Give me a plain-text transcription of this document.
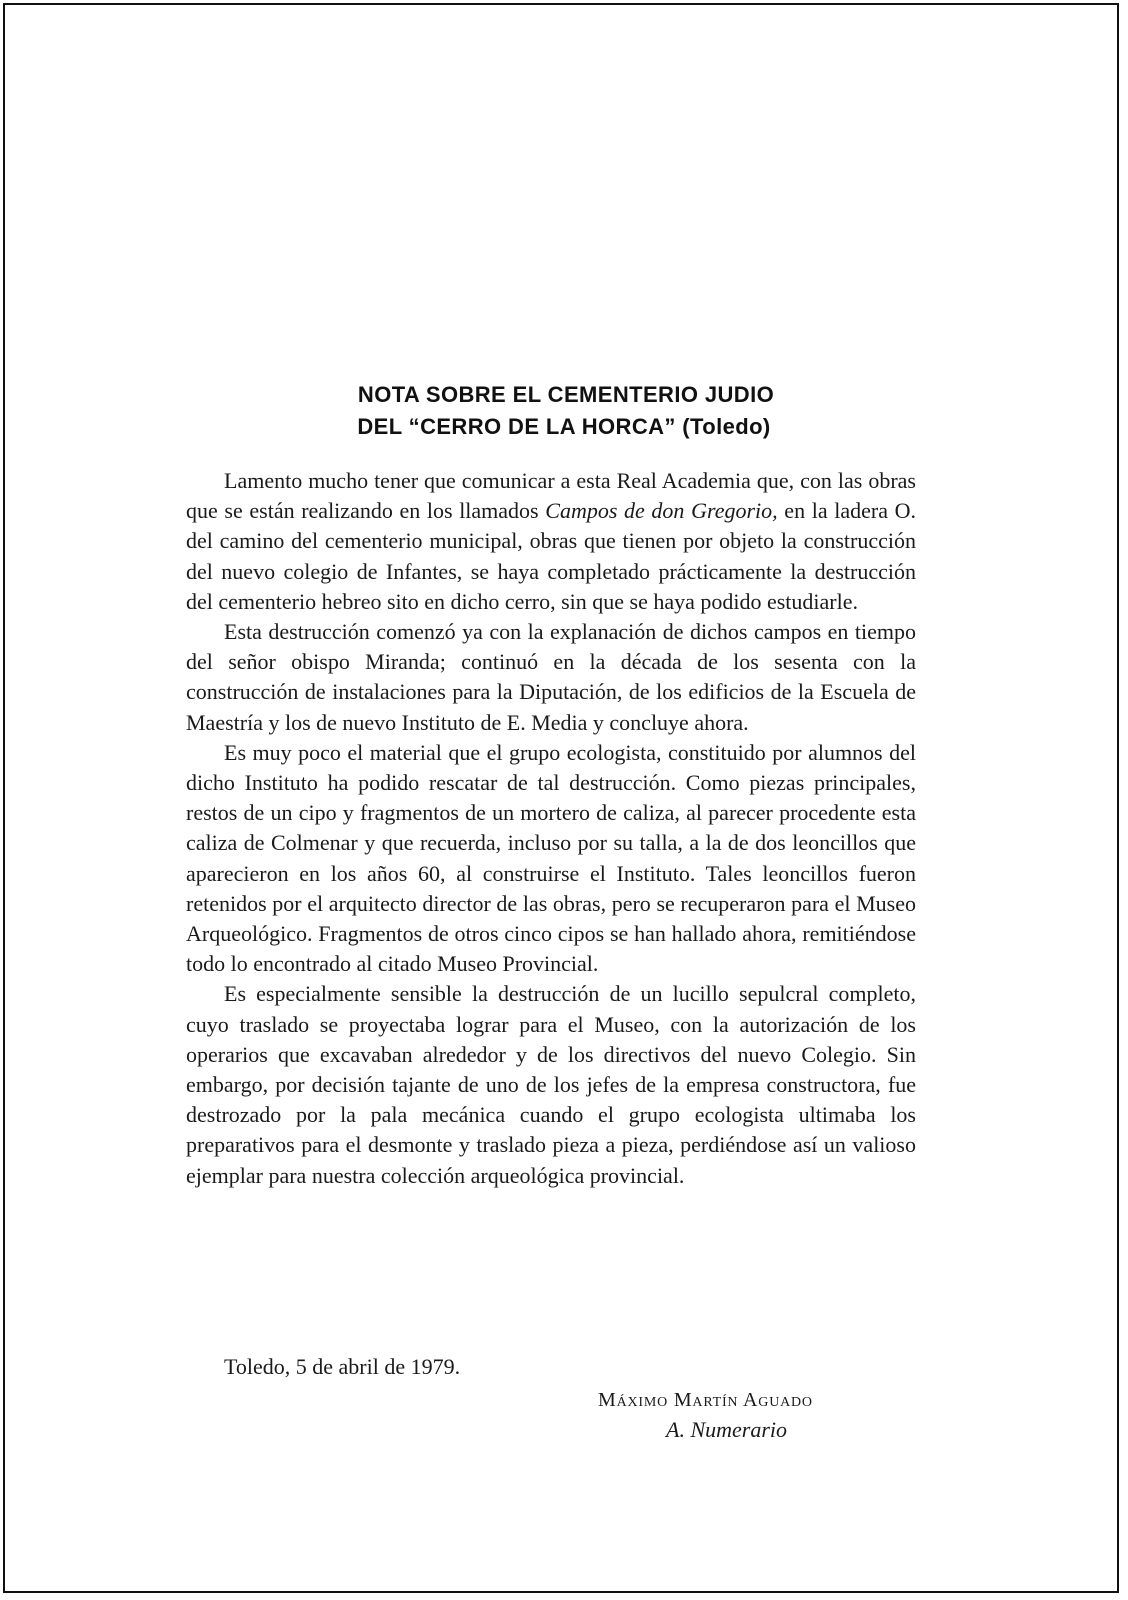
NOTA SOBRE EL CEMENTERIO JUDIO
DEL “CERRO DE LA HORCA” (Toledo)

Lamento mucho tener que comunicar a esta Real Academia que, con las obras que se están realizando en los llamados Campos de don Gregorio, en la ladera O. del camino del cementerio municipal, obras que tienen por objeto la construcción del nuevo colegio de Infantes, se haya completado prácticamente la destrucción del cementerio hebreo sito en dicho cerro, sin que se haya podido estudiarle.

Esta destrucción comenzó ya con la explanación de dichos campos en tiempo del señor obispo Miranda; continuó en la década de los sesenta con la construcción de instalaciones para la Diputación, de los edificios de la Escuela de Maestría y los de nuevo Instituto de E. Media y concluye ahora.

Es muy poco el material que el grupo ecologista, constituido por alumnos del dicho Instituto ha podido rescatar de tal destrucción. Como piezas principales, restos de un cipo y fragmentos de un mortero de caliza, al parecer procedente esta caliza de Colmenar y que recuerda, incluso por su talla, a la de dos leoncillos que aparecieron en los años 60, al construirse el Instituto. Tales leoncillos fueron retenidos por el arquitecto director de las obras, pero se recuperaron para el Museo Arqueológico. Fragmentos de otros cinco cipos se han hallado ahora, remitiéndose todo lo encontrado al citado Museo Provincial.

Es especialmente sensible la destrucción de un lucillo sepulcral completo, cuyo traslado se proyectaba lograr para el Museo, con la autorización de los operarios que excavaban alrededor y de los directivos del nuevo Colegio. Sin embargo, por decisión tajante de uno de los jefes de la empresa constructora, fue destrozado por la pala mecánica cuando el grupo ecologista ultimaba los preparativos para el desmonte y traslado pieza a pieza, perdiéndose así un valioso ejemplar para nuestra colección arqueológica provincial.

Toledo, 5 de abril de 1979.
Máximo Martín Aguado
A. Numerario
